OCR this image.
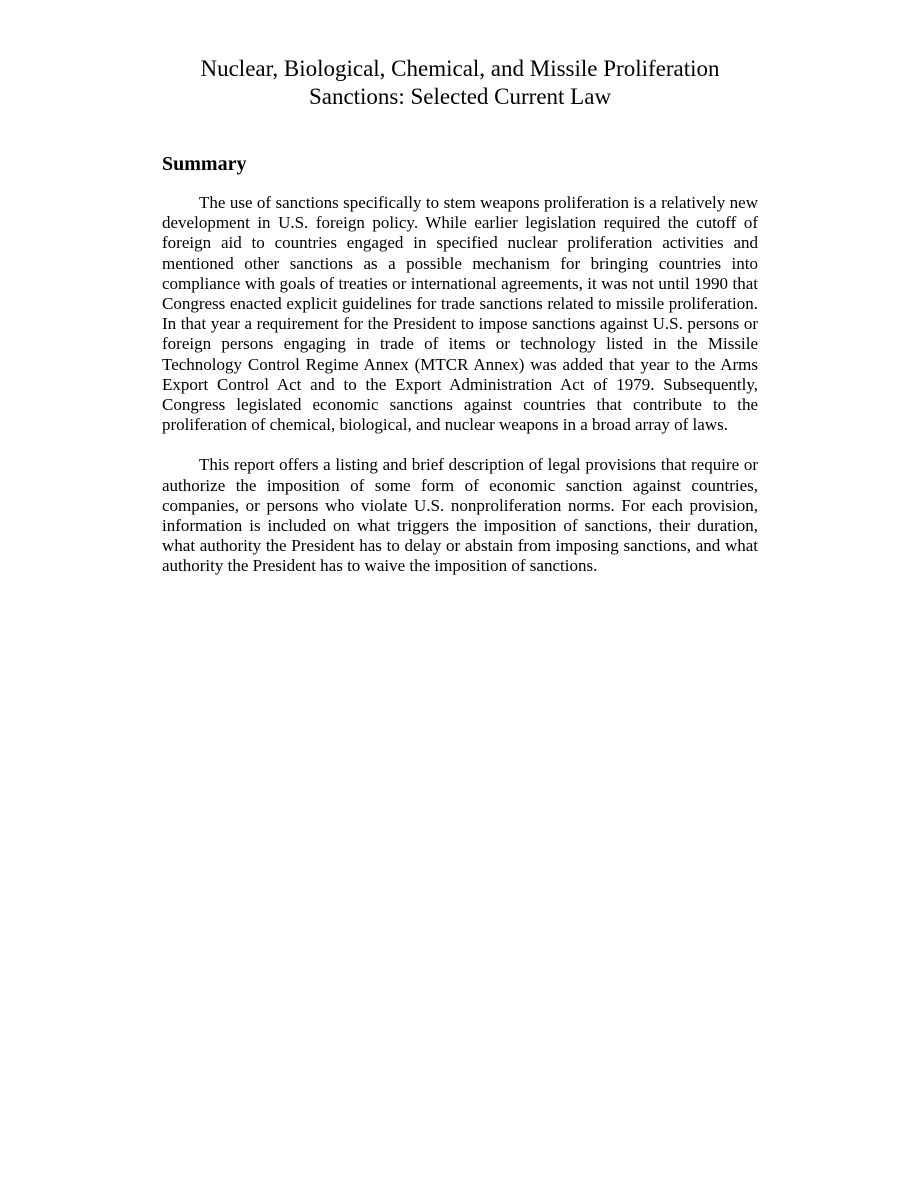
Nuclear, Biological, Chemical, and Missile Proliferation
Sanctions: Selected Current Law
Summary

The use of sanctions specifically to stem weapons proliferation is a relatively new development in U.S. foreign policy. While earlier legislation required the cutoff of foreign aid to countries engaged in specified nuclear proliferation activities and mentioned other sanctions as a possible mechanism for bringing countries into compliance with goals of treaties or international agreements, it was not until 1990 that Congress enacted explicit guidelines for trade sanctions related to missile proliferation. In that year a requirement for the President to impose sanctions against U.S. persons or foreign persons engaging in trade of items or technology listed in the Missile Technology Control Regime Annex (MTCR Annex) was added that year to the Arms Export Control Act and to the Export Administration Act of 1979. Subsequently, Congress legislated economic sanctions against countries that contribute to the proliferation of chemical, biological, and nuclear weapons in a broad array of laws.

This report offers a listing and brief description of legal provisions that require or authorize the imposition of some form of economic sanction against countries, companies, or persons who violate U.S. nonproliferation norms. For each provision, information is included on what triggers the imposition of sanctions, their duration, what authority the President has to delay or abstain from imposing sanctions, and what authority the President has to waive the imposition of sanctions.
